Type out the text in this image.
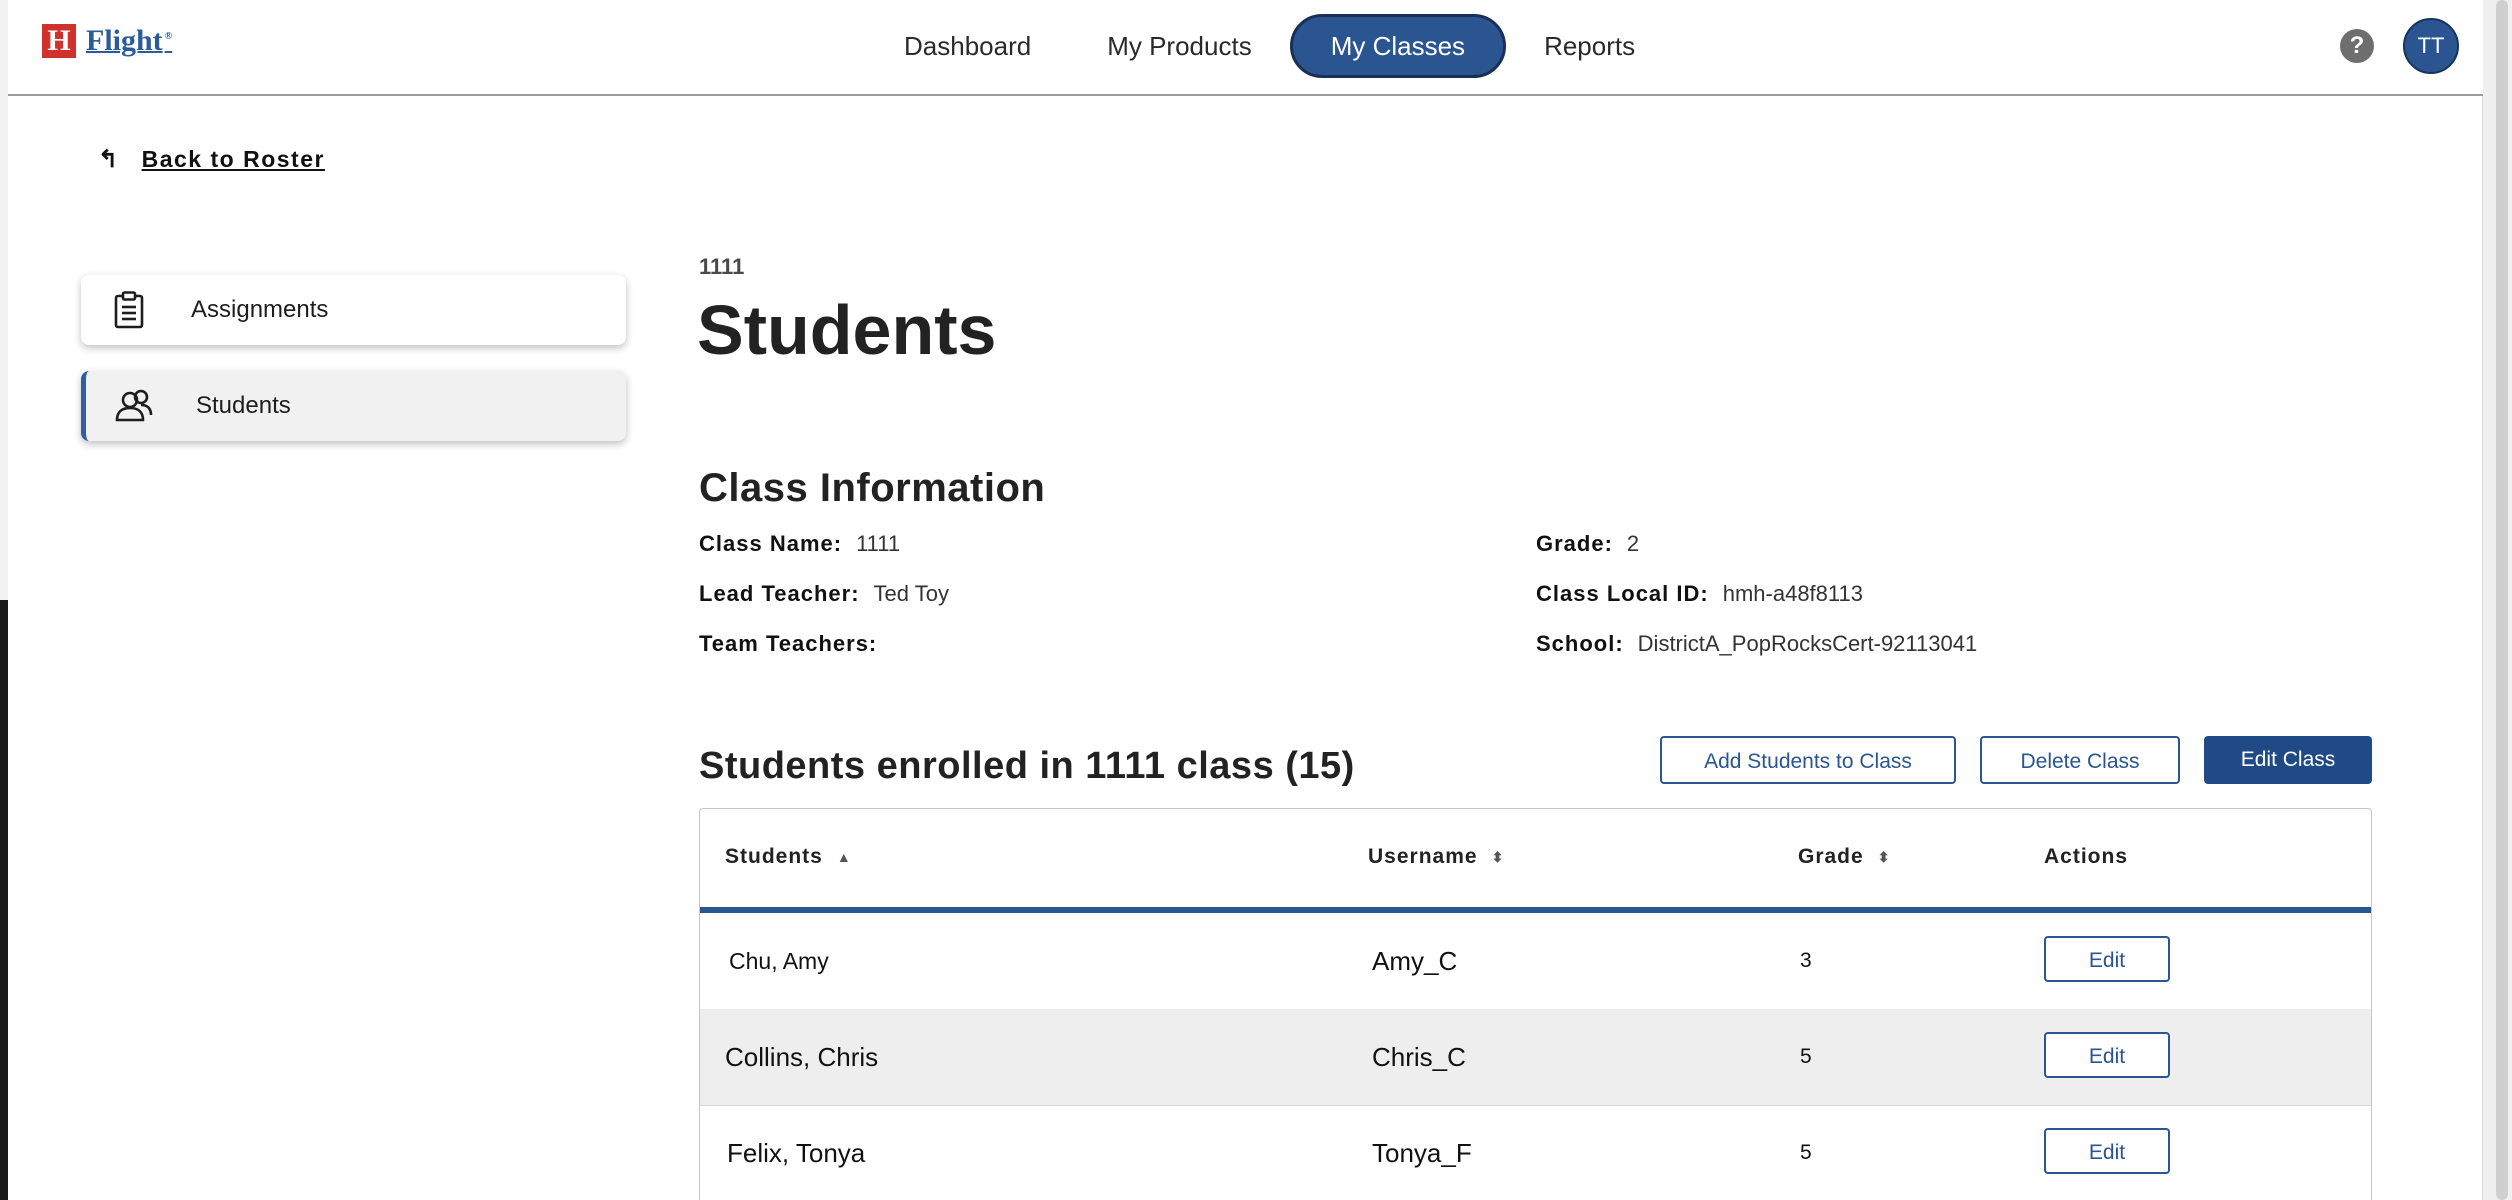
H Flight ®	Dashboard	My Products	My Classes	Reports	?	TT
↰ Back to Roster
Assignments
Students
1111
Students
Class Information
Class Name: 1111
Lead Teacher: Ted Toy
Team Teachers:
Grade: 2
Class Local ID: hmh-a48f8113
School: DistrictA_PopRocksCert-92113041
Students enrolled in 1111 class (15)	Add Students to Class	Delete Class	Edit Class
Students ▲	Username ⬍	Grade ⬍	Actions
Chu, Amy	Amy_C	3	Edit
Collins, Chris	Chris_C	5	Edit
Felix, Tonya	Tonya_F	5	Edit
